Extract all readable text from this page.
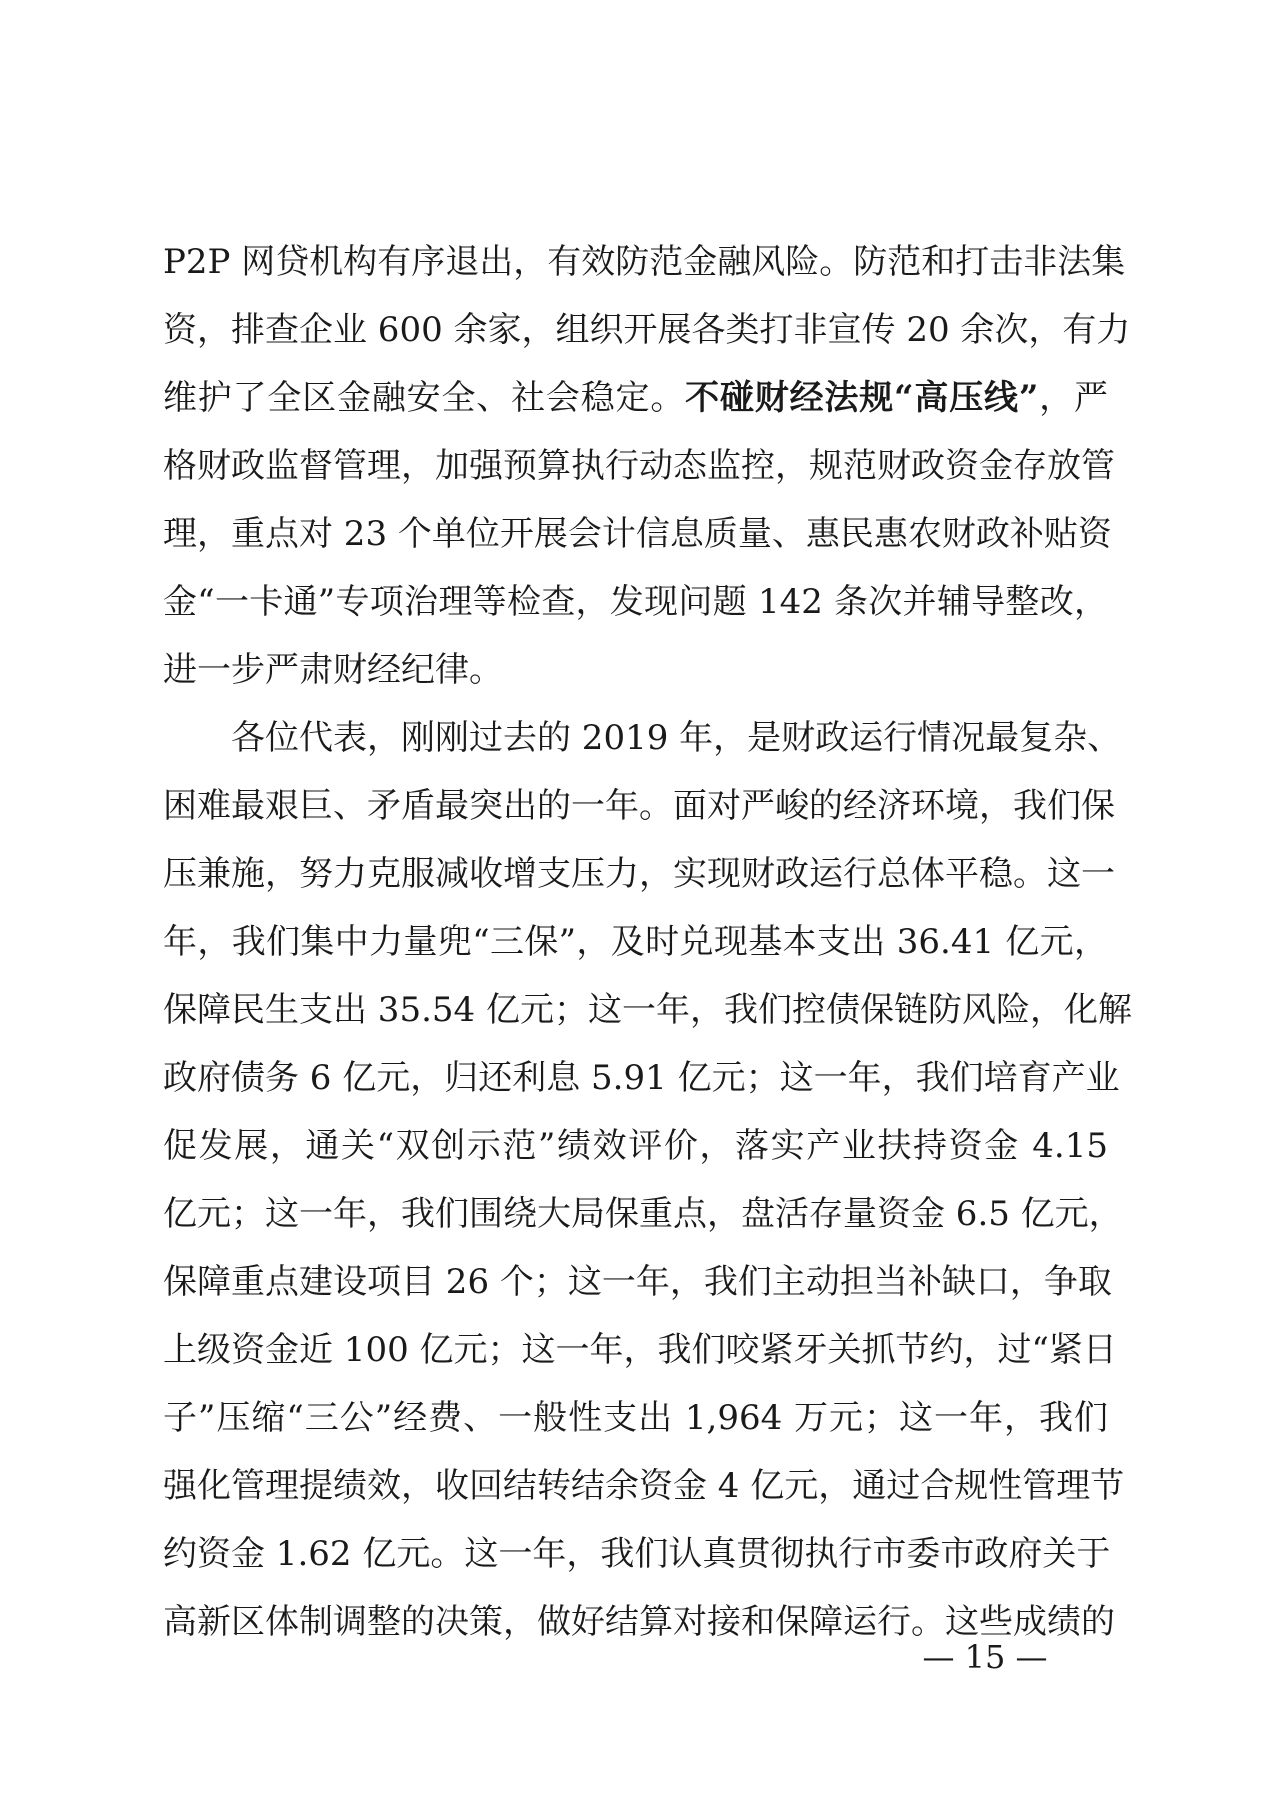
P2P 网贷机构有序退出，有效防范金融风险。防范和打击非法集
资，排查企业 600 余家，组织开展各类打非宣传 20 余次，有力
维护了全区金融安全、社会稳定。不碰财经法规“高压线”，严
格财政监督管理，加强预算执行动态监控，规范财政资金存放管
理，重点对 23 个单位开展会计信息质量、惠民惠农财政补贴资
金“一卡通”专项治理等检查，发现问题 142 条次并辅导整改，
进一步严肃财经纪律。
各位代表，刚刚过去的 2019 年，是财政运行情况最复杂、
困难最艰巨、矛盾最突出的一年。面对严峻的经济环境，我们保
压兼施，努力克服减收增支压力，实现财政运行总体平稳。这一
年，我们集中力量兜“三保”，及时兑现基本支出 36.41 亿元，
保障民生支出 35.54 亿元；这一年，我们控债保链防风险，化解
政府债务 6 亿元，归还利息 5.91 亿元；这一年，我们培育产业
促发展，通关“双创示范”绩效评价，落实产业扶持资金 4.15
亿元；这一年，我们围绕大局保重点，盘活存量资金 6.5 亿元，
保障重点建设项目 26 个；这一年，我们主动担当补缺口，争取
上级资金近 100 亿元；这一年，我们咬紧牙关抓节约，过“紧日
子”压缩“三公”经费、一般性支出 1,964 万元；这一年，我们
强化管理提绩效，收回结转结余资金 4 亿元，通过合规性管理节
约资金 1.62 亿元。这一年，我们认真贯彻执行市委市政府关于
高新区体制调整的决策，做好结算对接和保障运行。这些成绩的
— 15 —
